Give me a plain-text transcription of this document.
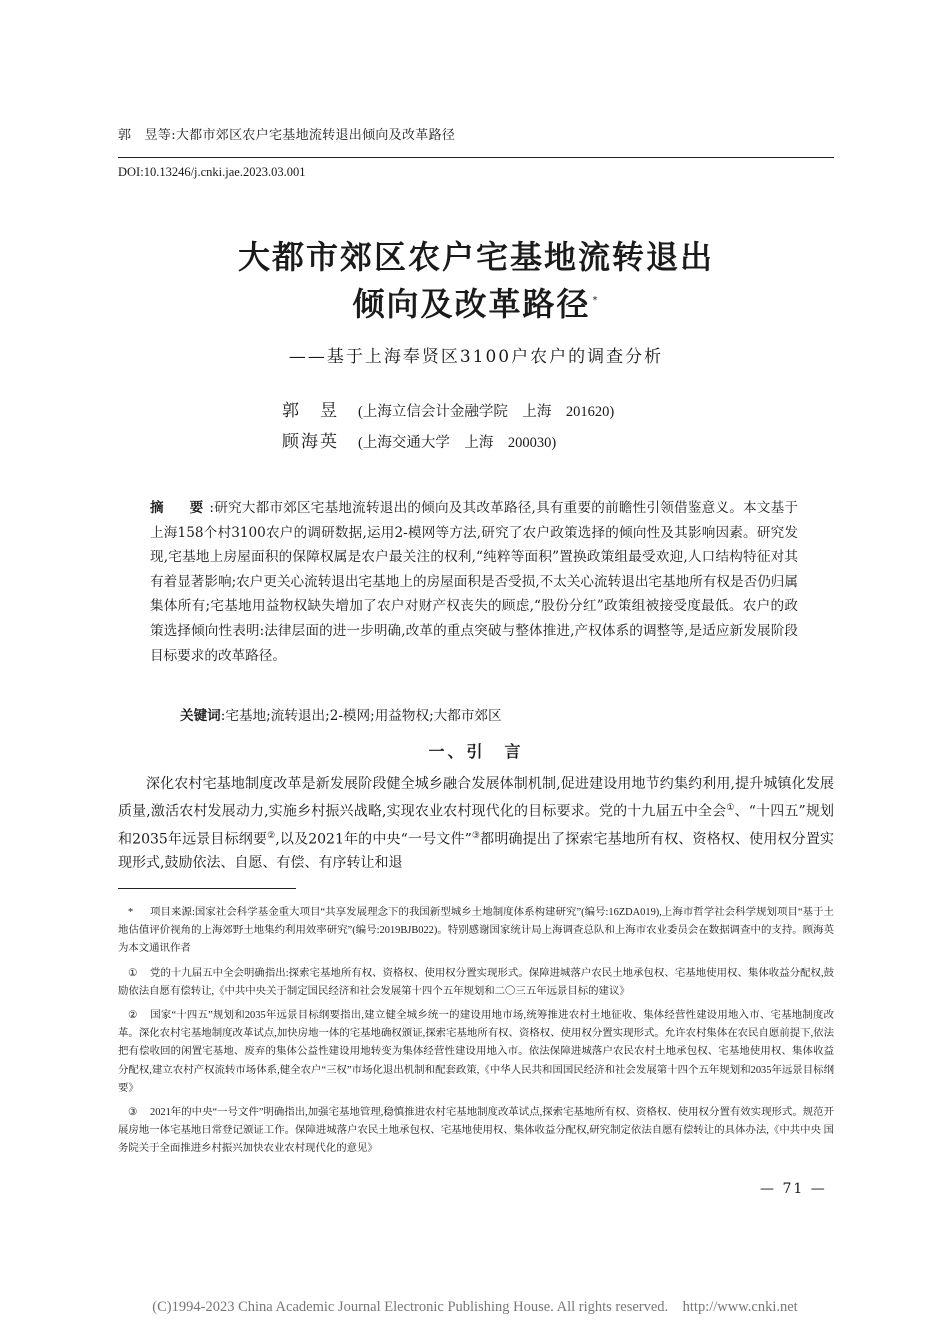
郭　昱等:大都市郊区农户宅基地流转退出倾向及改革路径
DOI:10.13246/j.cnki.jae.2023.03.001
大都市郊区农户宅基地流转退出
倾向及改革路径 *
——基于上海奉贤区3100户农户的调查分析
郭　昱 (上海立信会计金融学院　上海　201620)
顾海英 (上海交通大学　上海　200030)
摘　要:研究大都市郊区宅基地流转退出的倾向及其改革路径,具有重要的前瞻性引领借鉴意义。本文基于上海158个村3100农户的调研数据,运用2-模网等方法,研究了农户政策选择的倾向性及其影响因素。研究发现,宅基地上房屋面积的保障权属是农户最关注的权利,“纯粹等面积”置换政策组最受欢迎,人口结构特征对其有着显著影响;农户更关心流转退出宅基地上的房屋面积是否受损,不太关心流转退出宅基地所有权是否仍归属集体所有;宅基地用益物权缺失增加了农户对财产权丧失的顾虑,“股份分红”政策组被接受度最低。农户的政策选择倾向性表明:法律层面的进一步明确,改革的重点突破与整体推进,产权体系的调整等,是适应新发展阶段目标要求的改革路径。
关键词:宅基地;流转退出;2-模网;用益物权;大都市郊区
一、引　言
深化农村宅基地制度改革是新发展阶段健全城乡融合发展体制机制,促进建设用地节约集约利用,提升城镇化发展质量,激活农村发展动力,实施乡村振兴战略,实现农业农村现代化的目标要求。党的十九届五中全会①、“十四五”规划和2035年远景目标纲要②,以及2021年的中央“一号文件”③都明确提出了探索宅基地所有权、资格权、使用权分置实现形式,鼓励依法、自愿、有偿、有序转让和退
* 项目来源:国家社会科学基金重大项目“共享发展理念下的我国新型城乡土地制度体系构建研究”(编号:16ZDA019),上海市哲学社会科学规划项目“基于土地估值评价视角的上海郊野土地集约利用效率研究”(编号:2019BJB022)。特别感谢国家统计局上海调查总队和上海市农业委员会在数据调查中的支持。顾海英为本文通讯作者
① 党的十九届五中全会明确指出:探索宅基地所有权、资格权、使用权分置实现形式。保障进城落户农民土地承包权、宅基地使用权、集体收益分配权,鼓励依法自愿有偿转让,《中共中央关于制定国民经济和社会发展第十四个五年规划和二〇三五年远景目标的建议》
② 国家“十四五”规划和2035年远景目标纲要指出,建立健全城乡统一的建设用地市场,统筹推进农村土地征收、集体经营性建设用地入市、宅基地制度改革。深化农村宅基地制度改革试点,加快房地一体的宅基地确权颁证,探索宅基地所有权、资格权、使用权分置实现形式。允许农村集体在农民自愿前提下,依法把有偿收回的闲置宅基地、废弃的集体公益性建设用地转变为集体经营性建设用地入市。依法保障进城落户农民农村土地承包权、宅基地使用权、集体收益分配权,建立农村产权流转市场体系,健全农户“三权”市场化退出机制和配套政策,《中华人民共和国国民经济和社会发展第十四个五年规划和2035年远景目标纲要》
③ 2021年的中央“一号文件”明确指出,加强宅基地管理,稳慎推进农村宅基地制度改革试点,探索宅基地所有权、资格权、使用权分置有效实现形式。规范开展房地一体宅基地日常登记颁证工作。保障进城落户农民土地承包权、宅基地使用权、集体收益分配权,研究制定依法自愿有偿转让的具体办法,《中共中央 国务院关于全面推进乡村振兴加快农业农村现代化的意见》
— 71 —
(C)1994-2023 China Academic Journal Electronic Publishing House. All rights reserved.　http://www.cnki.net
